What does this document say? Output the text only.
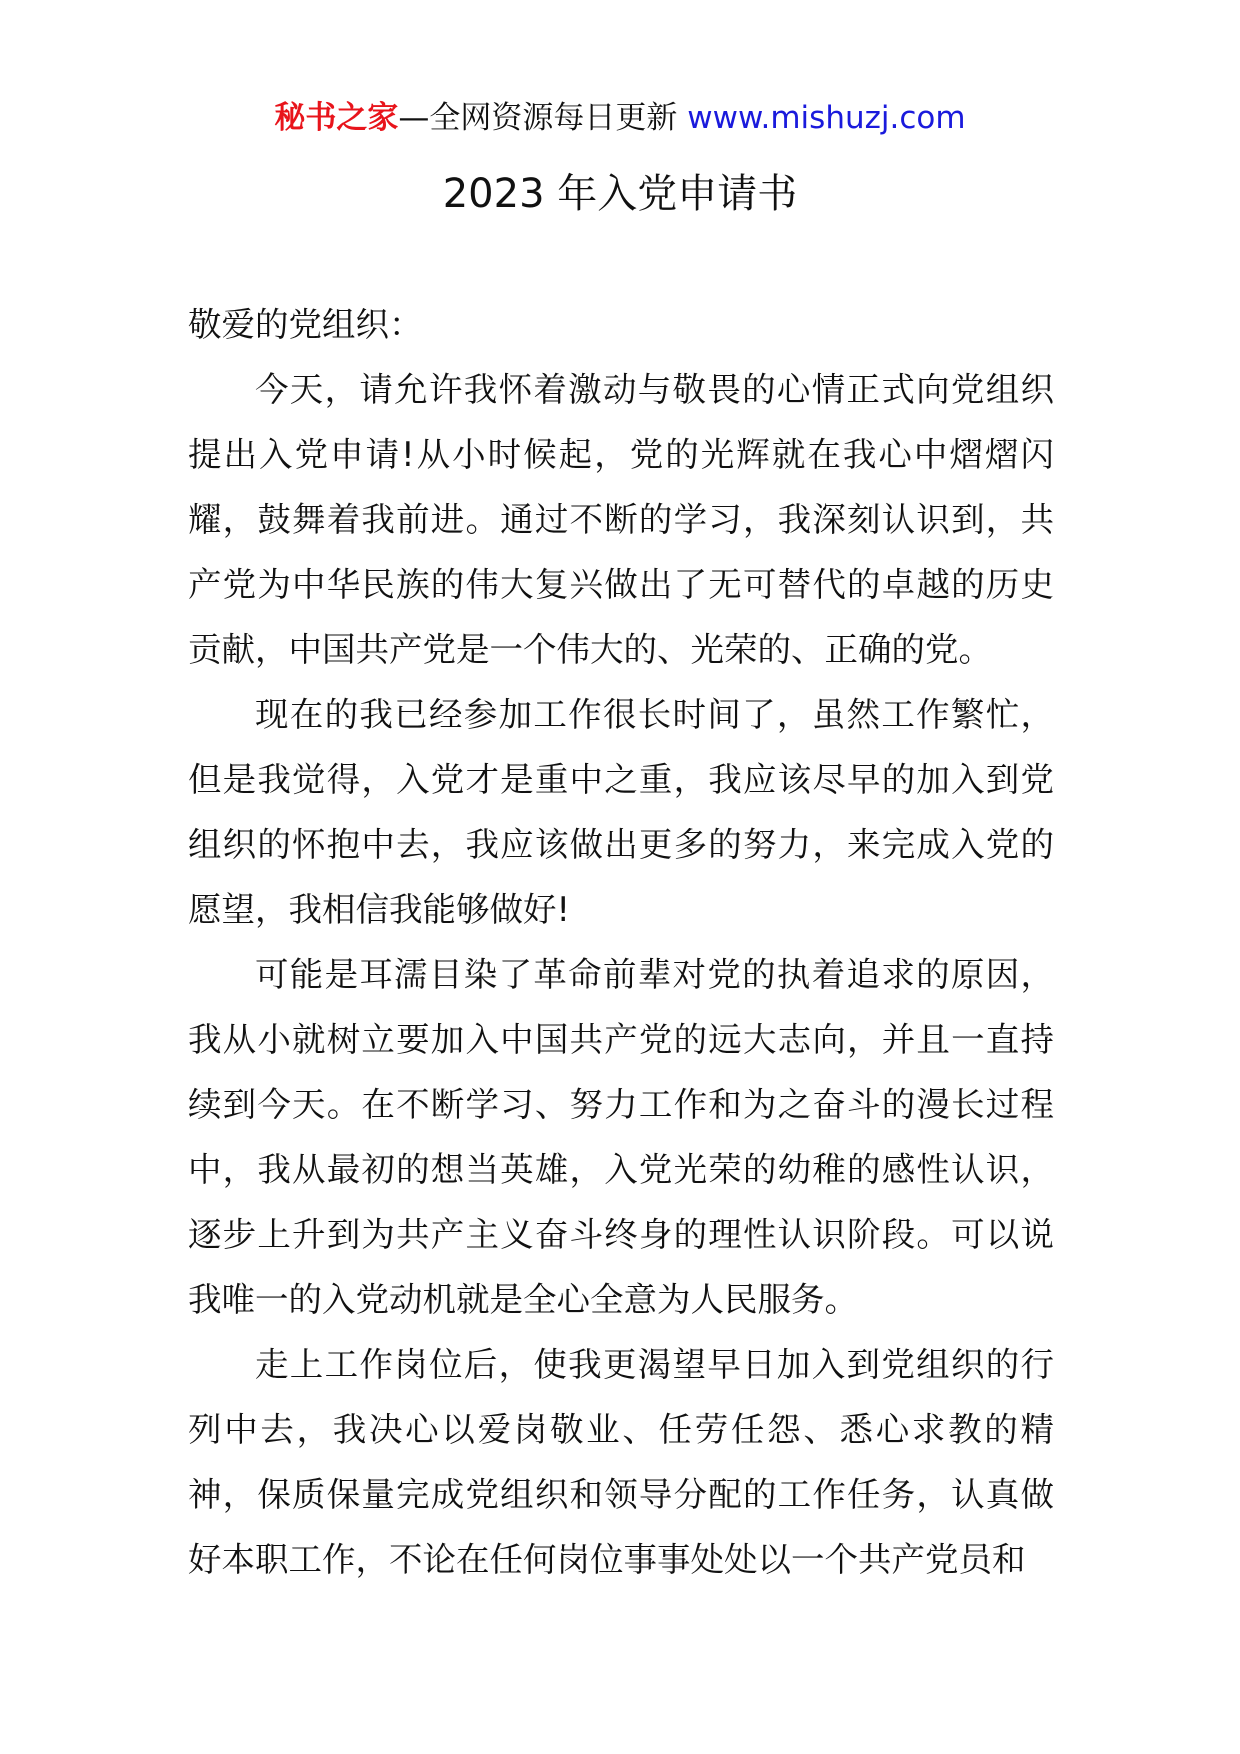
秘书之家—全网资源每日更新 www.mishuzj.com
2023 年入党申请书

敬爱的党组织：

今天，请允许我怀着激动与敬畏的心情正式向党组织提出入党申请!从小时候起，党的光辉就在我心中熠熠闪耀，鼓舞着我前进。通过不断的学习，我深刻认识到，共产党为中华民族的伟大复兴做出了无可替代的卓越的历史贡献，中国共产党是一个伟大的、光荣的、正确的党。

现在的我已经参加工作很长时间了，虽然工作繁忙，但是我觉得，入党才是重中之重，我应该尽早的加入到党组织的怀抱中去，我应该做出更多的努力，来完成入党的愿望，我相信我能够做好!

可能是耳濡目染了革命前辈对党的执着追求的原因，我从小就树立要加入中国共产党的远大志向，并且一直持续到今天。在不断学习、努力工作和为之奋斗的漫长过程中，我从最初的想当英雄，入党光荣的幼稚的感性认识，逐步上升到为共产主义奋斗终身的理性认识阶段。可以说我唯一的入党动机就是全心全意为人民服务。

走上工作岗位后，使我更渴望早日加入到党组织的行列中去，我决心以爱岗敬业、任劳任怨、悉心求教的精神，保质保量完成党组织和领导分配的工作任务，认真做好本职工作，不论在任何岗位事事处处以一个共产党员和
